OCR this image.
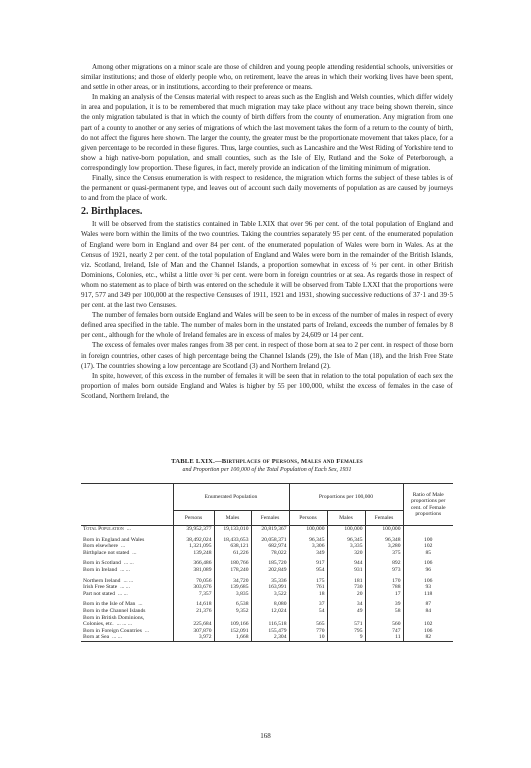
Among other migrations on a minor scale are those of children and young people attending residential schools, universities or similar institutions; and those of elderly people who, on retirement, leave the areas in which their working lives have been spent, and settle in other areas, or in institutions, according to their preference or means.

In making an analysis of the Census material with respect to areas such as the English and Welsh counties, which differ widely in area and population, it is to be remembered that much migration may take place without any trace being shown therein, since the only migration tabulated is that in which the county of birth differs from the county of enumeration. Any migration from one part of a county to another or any series of migrations of which the last movement takes the form of a return to the county of birth, do not affect the figures here shown. The larger the county, the greater must be the proportionate movement that takes place, for a given percentage to be recorded in these figures. Thus, large counties, such as Lancashire and the West Riding of Yorkshire tend to show a high native-born population, and small counties, such as the Isle of Ely, Rutland and the Soke of Peterborough, a correspondingly low proportion. These figures, in fact, merely provide an indication of the limiting minimum of migration.

Finally, since the Census enumeration is with respect to residence, the migration which forms the subject of these tables is of the permanent or quasi-permanent type, and leaves out of account such daily movements of population as are caused by journeys to and from the place of work.

2. Birthplaces.

It will be observed from the statistics contained in Table LXIX that over 96 per cent. of the total population of England and Wales were born within the limits of the two countries. Taking the countries separately 95 per cent. of the enumerated population of England were born in England and over 84 per cent. of the enumerated population of Wales were born in Wales. As at the Census of 1921, nearly 2 per cent. of the total population of England and Wales were born in the remainder of the British Islands, viz. Scotland, Ireland, Isle of Man and the Channel Islands, a proportion somewhat in excess of ½ per cent. in other British Dominions, Colonies, etc., whilst a little over ¾ per cent. were born in foreign countries or at sea. As regards those in respect of whom no statement as to place of birth was entered on the schedule it will be observed from Table LXXI that the proportions were 917, 577 and 349 per 100,000 at the respective Censuses of 1911, 1921 and 1931, showing successive reductions of 37·1 and 39·5 per cent. at the last two Censuses.

The number of females born outside England and Wales will be seen to be in excess of the number of males in respect of every defined area specified in the table. The number of males born in the unstated parts of Ireland, exceeds the number of females by 8 per cent., although for the whole of Ireland females are in excess of males by 24,609 or 14 per cent.

The excess of females over males ranges from 38 per cent. in respect of those born at sea to 2 per cent. in respect of those born in foreign countries, other cases of high percentage being the Channel Islands (29), the Isle of Man (18), and the Irish Free State (17). The countries showing a low percentage are Scotland (3) and Northern Ireland (2).

In spite, however, of this excess in the number of females it will be seen that in relation to the total population of each sex the proportion of males born outside England and Wales is higher by 55 per 100,000, whilst the excess of females in the case of Scotland, Northern Ireland, the

TABLE LXIX.—Birthplaces of Persons, Males and Females
and Proportion per 100,000 of the Total Population of Each Sex, 1931
	Enumerated Population			Proportions per 100,000			Ratio of Male proportions per cent. of Female proportions
	Persons	Males	Females	Persons	Males	Females	
Total Population ...	39,952,377	19,133,010	20,819,367	100,000	100,000	100,000	

Born in England and Wales	38,492,024	18,433,653	20,058,371	96,345	96,345	96,348	100
Born elsewhere ...	1,321,095	638,121	682,974	3,306	3,335	3,280	102
Birthplace not stated ...	139,248	61,226	78,022	349	320	375	85

Born in Scotland ... ...	366,486	180,766	185,720	917	944	892	106
Born in Ireland ... ...	381,089	178,240	202,849	954	931	973	96

Northern Ireland ... ...	70,056	34,720	35,336	175	181	170	106
Irish Free State ... ...	303,676	139,685	163,991	761	730	788	93
Part not stated ... ...	7,357	3,835	3,522	18	20	17	118

Born in the Isle of Man ...	14,618	6,538	8,080	37	34	39	87
Born in the Channel Islands	21,376	9,352	12,024	54	49	58	84
Born in British Dominions,							
Colonies, etc. ... ... ...	225,684	109,166	116,518	565	571	560	102
Born in Foreign Countries ...	307,870	152,091	155,479	770	795	747	106
Born at Sea ... ...	3,972	1,668	2,304	10	9	11	82
168
